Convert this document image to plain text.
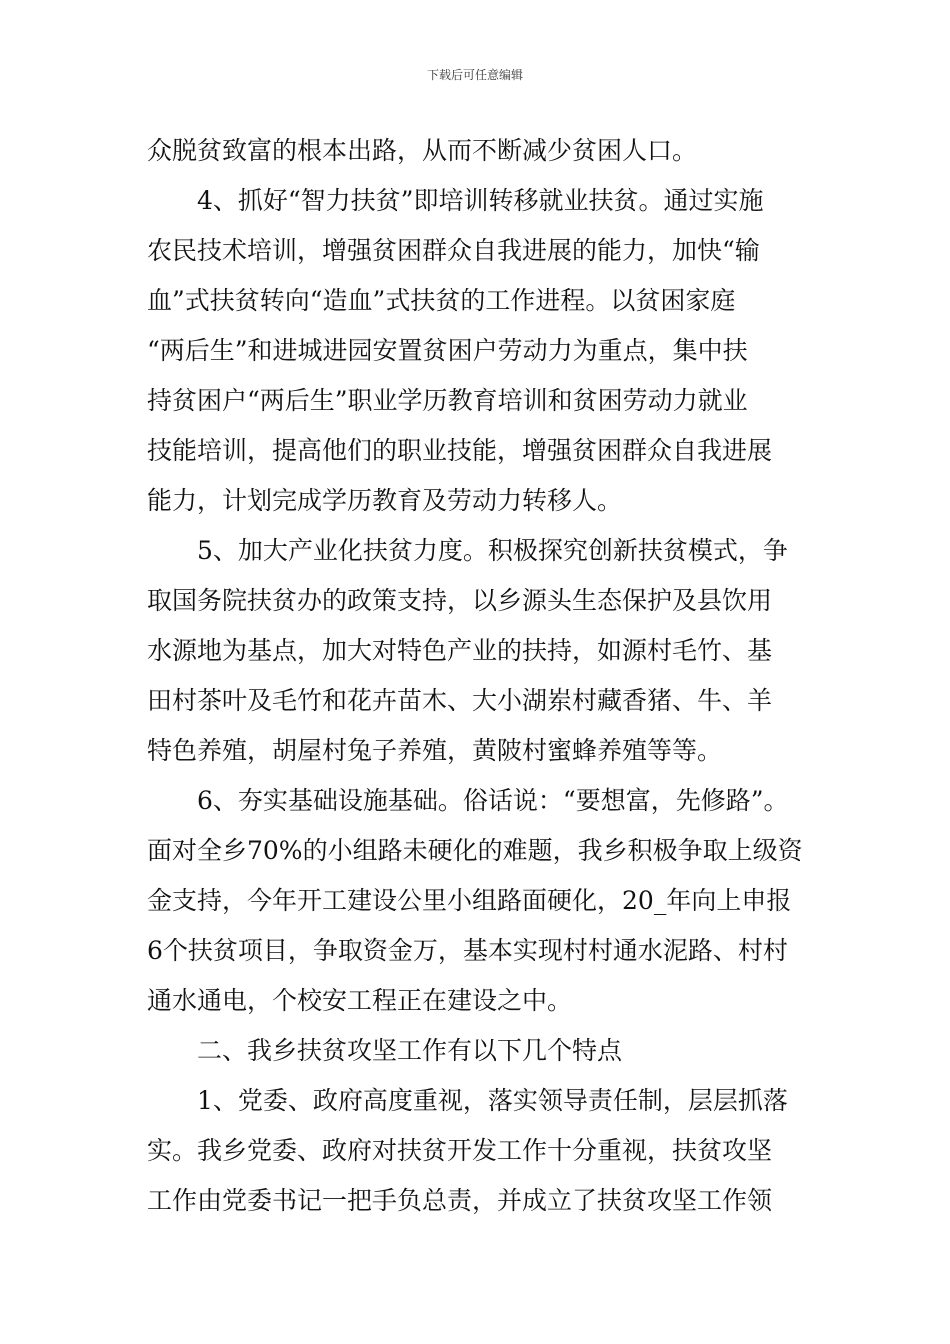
下载后可任意编辑
众脱贫致富的根本出路，从而不断减少贫困人口。
4、抓好“智力扶贫”即培训转移就业扶贫。通过实施
农民技术培训，增强贫困群众自我进展的能力，加快“输
血”式扶贫转向“造血”式扶贫的工作进程。以贫困家庭
“两后生”和进城进园安置贫困户劳动力为重点，集中扶
持贫困户“两后生”职业学历教育培训和贫困劳动力就业
技能培训，提高他们的职业技能，增强贫困群众自我进展
能力，计划完成学历教育及劳动力转移人。
5、加大产业化扶贫力度。积极探究创新扶贫模式，争
取国务院扶贫办的政策支持，以乡源头生态保护及县饮用
水源地为基点，加大对特色产业的扶持，如源村毛竹、基
田村茶叶及毛竹和花卉苗木、大小湖岽村藏香猪、牛、羊
特色养殖，胡屋村兔子养殖，黄陂村蜜蜂养殖等等。
6、夯实基础设施基础。俗话说：“要想富，先修路”。
面对全乡70%的小组路未硬化的难题，我乡积极争取上级资
金支持，今年开工建设公里小组路面硬化，20_年向上申报
6个扶贫项目，争取资金万，基本实现村村通水泥路、村村
通水通电，个校安工程正在建设之中。
二、我乡扶贫攻坚工作有以下几个特点
1、党委、政府高度重视，落实领导责任制，层层抓落
实。我乡党委、政府对扶贫开发工作十分重视，扶贫攻坚
工作由党委书记一把手负总责，并成立了扶贫攻坚工作领
